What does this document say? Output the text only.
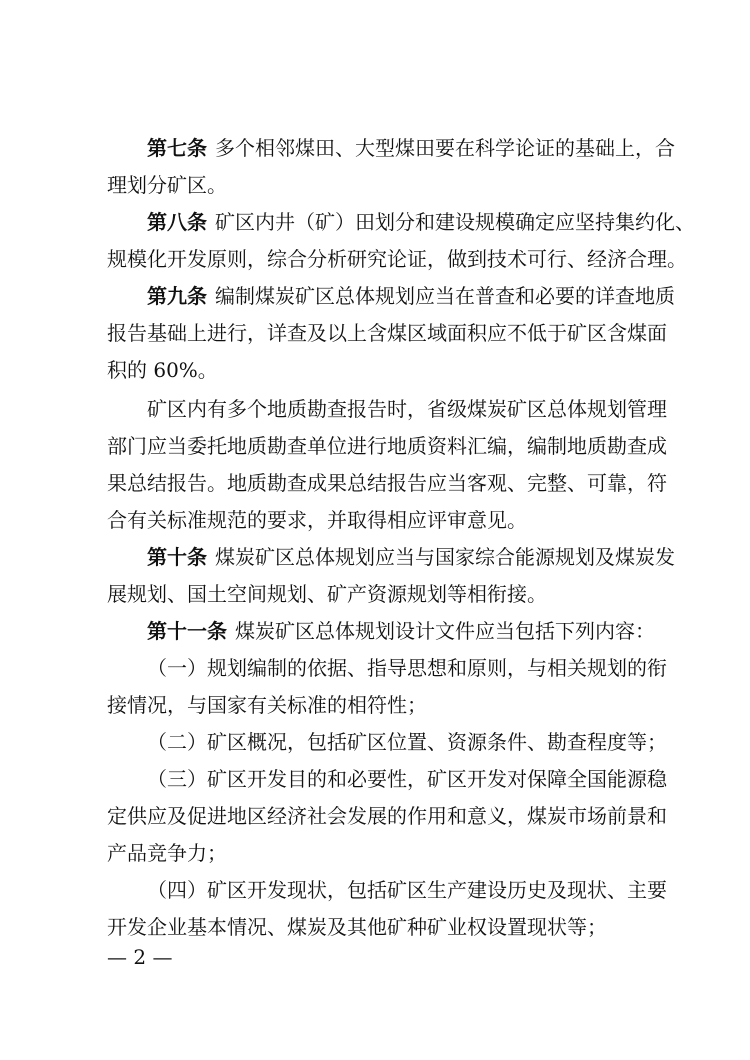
第七条 多个相邻煤田、大型煤田要在科学论证的基础上，合
理划分矿区。
第八条 矿区内井（矿）田划分和建设规模确定应坚持集约化、
规模化开发原则，综合分析研究论证，做到技术可行、经济合理。
第九条 编制煤炭矿区总体规划应当在普查和必要的详查地质
报告基础上进行，详查及以上含煤区域面积应不低于矿区含煤面
积的 60%。
矿区内有多个地质勘查报告时，省级煤炭矿区总体规划管理
部门应当委托地质勘查单位进行地质资料汇编，编制地质勘查成
果总结报告。地质勘查成果总结报告应当客观、完整、可靠，符
合有关标准规范的要求，并取得相应评审意见。
第十条 煤炭矿区总体规划应当与国家综合能源规划及煤炭发
展规划、国土空间规划、矿产资源规划等相衔接。
第十一条 煤炭矿区总体规划设计文件应当包括下列内容：
（一）规划编制的依据、指导思想和原则，与相关规划的衔
接情况，与国家有关标准的相符性；
（二）矿区概况，包括矿区位置、资源条件、勘查程度等；
（三）矿区开发目的和必要性，矿区开发对保障全国能源稳
定供应及促进地区经济社会发展的作用和意义，煤炭市场前景和
产品竞争力；
（四）矿区开发现状，包括矿区生产建设历史及现状、主要
开发企业基本情况、煤炭及其他矿种矿业权设置现状等；
— 2 —
